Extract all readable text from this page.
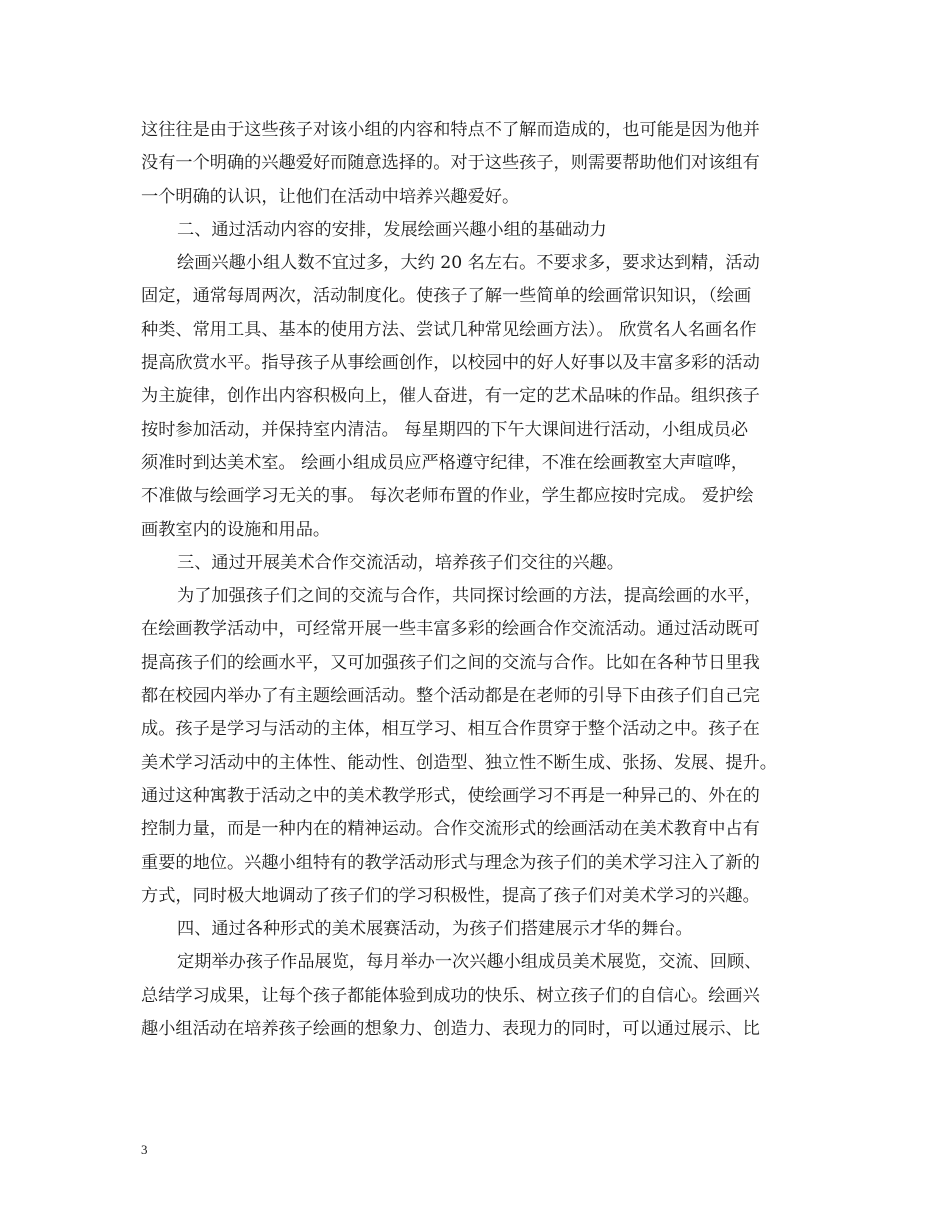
这往往是由于这些孩子对该小组的内容和特点不了解而造成的，也可能是因为他并
没有一个明确的兴趣爱好而随意选择的。对于这些孩子，则需要帮助他们对该组有
一个明确的认识，让他们在活动中培养兴趣爱好。
二、通过活动内容的安排，发展绘画兴趣小组的基础动力
绘画兴趣小组人数不宜过多，大约 20 名左右。不要求多，要求达到精，活动
固定，通常每周两次，活动制度化。使孩子了解一些简单的绘画常识知识，（绘画
种类、常用工具、基本的使用方法、尝试几种常见绘画方法）。 欣赏名人名画名作
提高欣赏水平。指导孩子从事绘画创作，以校园中的好人好事以及丰富多彩的活动
为主旋律，创作出内容积极向上，催人奋进，有一定的艺术品味的作品。组织孩子
按时参加活动，并保持室内清洁。 每星期四的下午大课间进行活动，小组成员必
须准时到达美术室。 绘画小组成员应严格遵守纪律，不准在绘画教室大声喧哗，
不准做与绘画学习无关的事。 每次老师布置的作业，学生都应按时完成。 爱护绘
画教室内的设施和用品。
三、通过开展美术合作交流活动，培养孩子们交往的兴趣。
为了加强孩子们之间的交流与合作，共同探讨绘画的方法，提高绘画的水平，
在绘画教学活动中，可经常开展一些丰富多彩的绘画合作交流活动。通过活动既可
提高孩子们的绘画水平，又可加强孩子们之间的交流与合作。比如在各种节日里我
都在校园内举办了有主题绘画活动。整个活动都是在老师的引导下由孩子们自己完
成。孩子是学习与活动的主体，相互学习、相互合作贯穿于整个活动之中。孩子在
美术学习活动中的主体性、能动性、创造型、独立性不断生成、张扬、发展、提升。
通过这种寓教于活动之中的美术教学形式，使绘画学习不再是一种异己的、外在的
控制力量，而是一种内在的精神运动。合作交流形式的绘画活动在美术教育中占有
重要的地位。兴趣小组特有的教学活动形式与理念为孩子们的美术学习注入了新的
方式，同时极大地调动了孩子们的学习积极性，提高了孩子们对美术学习的兴趣。
四、通过各种形式的美术展赛活动，为孩子们搭建展示才华的舞台。
定期举办孩子作品展览，每月举办一次兴趣小组成员美术展览，交流、回顾、
总结学习成果，让每个孩子都能体验到成功的快乐、树立孩子们的自信心。绘画兴
趣小组活动在培养孩子绘画的想象力、创造力、表现力的同时，可以通过展示、比
3
